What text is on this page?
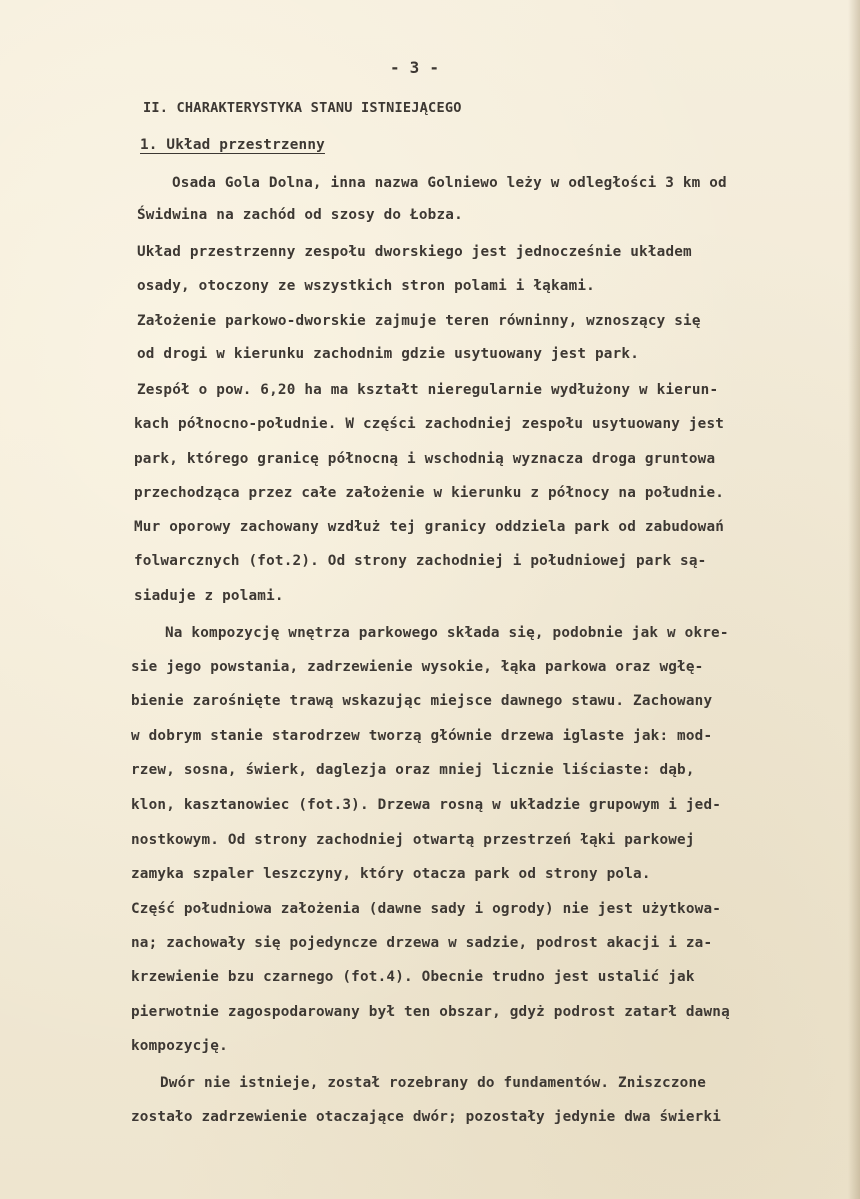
- 3 -
II. CHARAKTERYSTYKA STANU ISTNIEJĄCEGO
1. Układ przestrzenny
Osada Gola Dolna, inna nazwa Golniewo leży w odległości 3 km od
Świdwina na zachód od szosy do Łobza.
Układ przestrzenny zespołu dworskiego jest jednocześnie układem
osady, otoczony ze wszystkich stron polami i łąkami.
Założenie parkowo-dworskie zajmuje teren równinny, wznoszący się
od drogi w kierunku zachodnim gdzie usytuowany jest park.
Zespół o pow. 6,20 ha ma kształt nieregularnie wydłużony w kierun-
kach północno-południe. W części zachodniej zespołu usytuowany jest
park, którego granicę północną i wschodnią wyznacza droga gruntowa
przechodząca przez całe założenie w kierunku z północy na południe.
Mur oporowy zachowany wzdłuż tej granicy oddziela park od zabudowań
folwarcznych (fot.2). Od strony zachodniej i południowej park są-
siaduje z polami.
Na kompozycję wnętrza parkowego składa się, podobnie jak w okre-
sie jego powstania, zadrzewienie wysokie, łąka parkowa oraz wgłę-
bienie zarośnięte trawą wskazując miejsce dawnego stawu. Zachowany
w dobrym stanie starodrzew tworzą głównie drzewa iglaste jak: mod-
rzew, sosna, świerk, daglezja oraz mniej licznie liściaste: dąb,
klon, kasztanowiec (fot.3). Drzewa rosną w układzie grupowym i jed-
nostkowym. Od strony zachodniej otwartą przestrzeń łąki parkowej
zamyka szpaler leszczyny, który otacza park od strony pola.
Część południowa założenia (dawne sady i ogrody) nie jest użytkowa-
na; zachowały się pojedyncze drzewa w sadzie, podrost akacji i za-
krzewienie bzu czarnego (fot.4). Obecnie trudno jest ustalić jak
pierwotnie zagospodarowany był ten obszar, gdyż podrost zatarł dawną
kompozycję.
Dwór nie istnieje, został rozebrany do fundamentów. Zniszczone
zostało zadrzewienie otaczające dwór; pozostały jedynie dwa świerki
